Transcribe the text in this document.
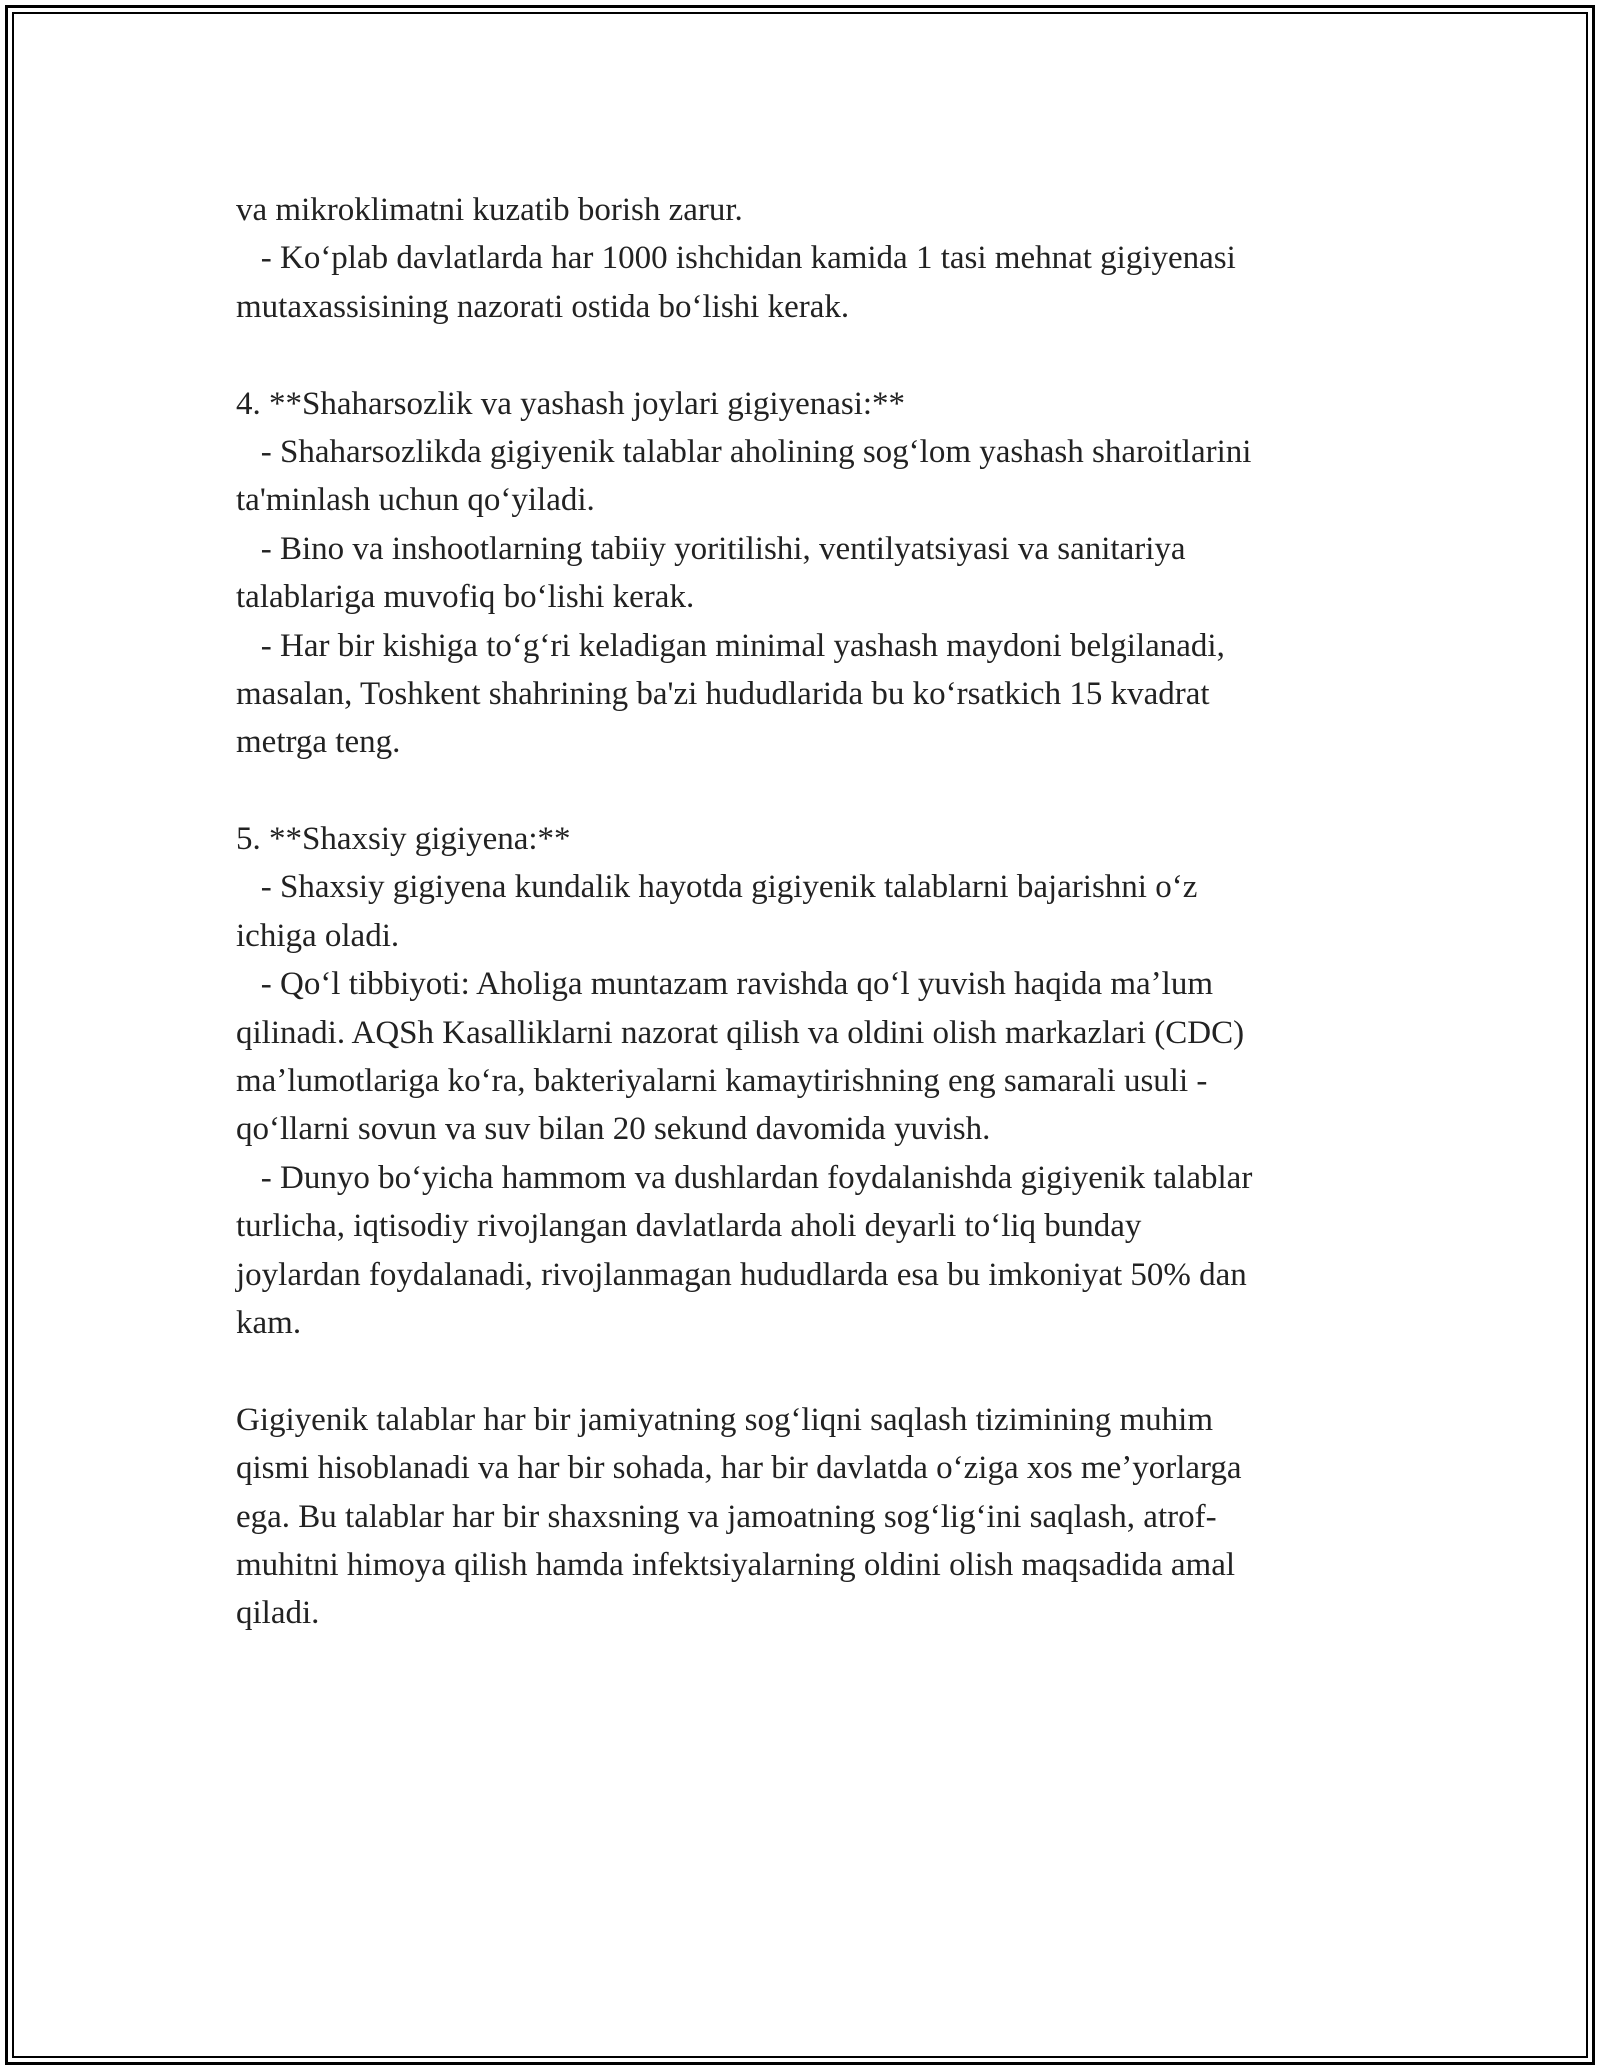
va mikroklimatni kuzatib borish zarur.
- Koʻplab davlatlarda har 1000 ishchidan kamida 1 tasi mehnat gigiyenasi
mutaxassisining nazorati ostida boʻlishi kerak.
4. **Shaharsozlik va yashash joylari gigiyenasi:**
- Shaharsozlikda gigiyenik talablar aholining sogʻlom yashash sharoitlarini
ta'minlash uchun qoʻyiladi.
- Bino va inshootlarning tabiiy yoritilishi, ventilyatsiyasi va sanitariya
talablariga muvofiq boʻlishi kerak.
- Har bir kishiga toʻgʻri keladigan minimal yashash maydoni belgilanadi,
masalan, Toshkent shahrining ba'zi hududlarida bu koʻrsatkich 15 kvadrat
metrga teng.
5. **Shaxsiy gigiyena:**
- Shaxsiy gigiyena kundalik hayotda gigiyenik talablarni bajarishni oʻz
ichiga oladi.
- Qoʻl tibbiyoti: Aholiga muntazam ravishda qoʻl yuvish haqida maʼlum
qilinadi. AQSh Kasalliklarni nazorat qilish va oldini olish markazlari (CDC)
maʼlumotlariga koʻra, bakteriyalarni kamaytirishning eng samarali usuli -
qoʻllarni sovun va suv bilan 20 sekund davomida yuvish.
- Dunyo boʻyicha hammom va dushlardan foydalanishda gigiyenik talablar
turlicha, iqtisodiy rivojlangan davlatlarda aholi deyarli toʻliq bunday
joylardan foydalanadi, rivojlanmagan hududlarda esa bu imkoniyat 50% dan
kam.
Gigiyenik talablar har bir jamiyatning sogʻliqni saqlash tizimining muhim
qismi hisoblanadi va har bir sohada, har bir davlatda oʻziga xos meʼyorlarga
ega. Bu talablar har bir shaxsning va jamoatning sogʻligʻini saqlash, atrof-
muhitni himoya qilish hamda infektsiyalarning oldini olish maqsadida amal
qiladi.
